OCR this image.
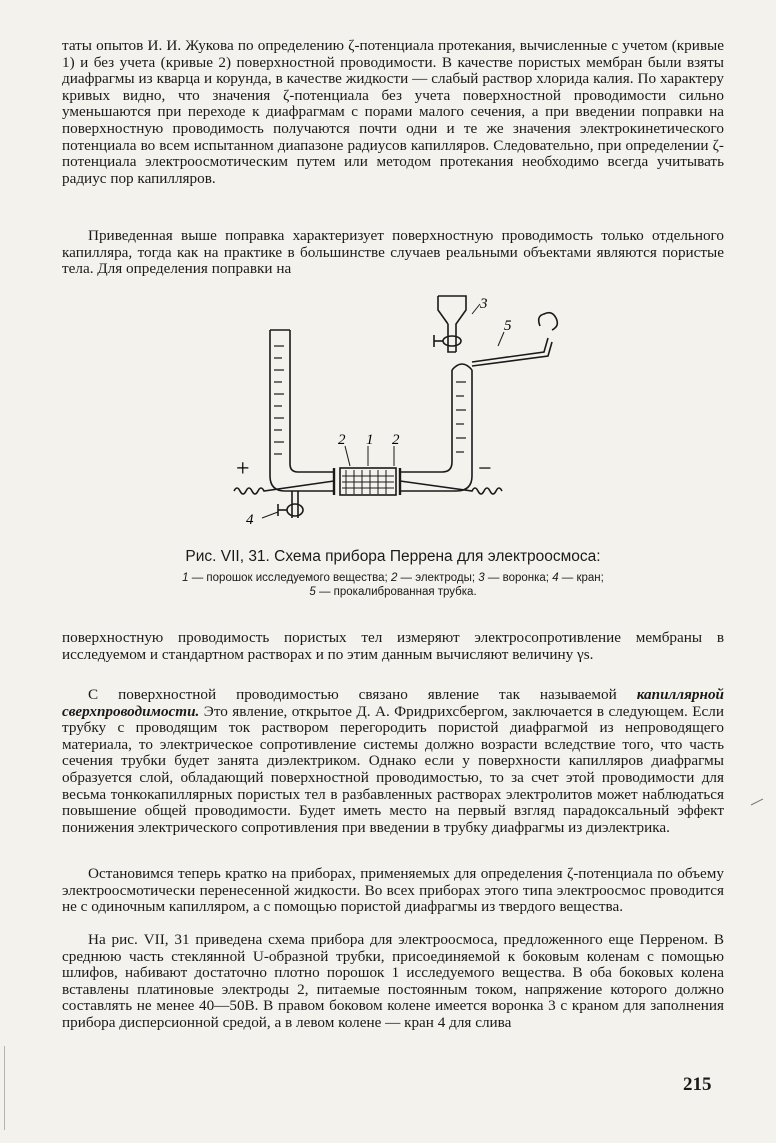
таты опытов И. И. Жукова по определению ζ-потенциала протекания, вычисленные с учетом (кривые 1) и без учета (кривые 2) поверхностной проводимости. В качестве пористых мембран были взяты диафрагмы из кварца и корунда, в качестве жидкости — слабый раствор хлорида калия. По характеру кривых видно, что значения ζ-потенциала без учета поверхностной проводимости сильно уменьшаются при переходе к диафрагмам с порами малого сечения, а при введении поправки на поверхностную проводимость получаются почти одни и те же значения электрокинетического потенциала во всем испытанном диапазоне радиусов капилляров. Следовательно, при определении ζ-потенциала электроосмотическим путем или методом протекания необходимо всегда учитывать радиус пор капилляров.

Приведенная выше поправка характеризует поверхностную проводимость только отдельного капилляра, тогда как на практике в большинстве случаев реальными объектами являются пористые тела. Для определения поправки на

2 1 2
3
5
4
+	−

Рис. VII, 31. Схема прибора Перрена для электроосмоса:

1 — порошок исследуемого вещества; 2 — электроды; 3 — воронка; 4 — кран;
5 — прокалиброванная трубка.

поверхностную проводимость пористых тел измеряют электросопротивление мембраны в исследуемом и стандартном растворах и по этим данным вычисляют величину γs.

С поверхностной проводимостью связано явление так называемой капиллярной сверхпроводимости. Это явление, открытое Д. А. Фридрихсбергом, заключается в следующем. Если трубку с проводящим ток раствором перегородить пористой диафрагмой из непроводящего материала, то электрическое сопротивление системы должно возрасти вследствие того, что часть сечения трубки будет занята диэлектриком. Однако если у поверхности капилляров диафрагмы образуется слой, обладающий поверхностной проводимостью, то за счет этой проводимости для весьма тонкокапиллярных пористых тел в разбавленных растворах электролитов может наблюдаться повышение общей проводимости. Будет иметь место на первый взгляд парадоксальный эффект понижения электрического сопротивления при введении в трубку диафрагмы из диэлектрика.

Остановимся теперь кратко на приборах, применяемых для определения ζ-потенциала по объему электроосмотически перенесенной жидкости. Во всех приборах этого типа электроосмос проводится не с одиночным капилляром, а с помощью пористой диафрагмы из твердого вещества.

На рис. VII, 31 приведена схема прибора для электроосмоса, предложенного еще Перреном. В среднюю часть стеклянной U-образной трубки, присоединяемой к боковым коленам с помощью шлифов, набивают достаточно плотно порошок 1 исследуемого вещества. В оба боковых колена вставлены платиновые электроды 2, питаемые постоянным током, напряжение которого должно составлять не менее 40—50В. В правом боковом колене имеется воронка 3 с краном для заполнения прибора дисперсионной средой, а в левом колене — кран 4 для слива

215
